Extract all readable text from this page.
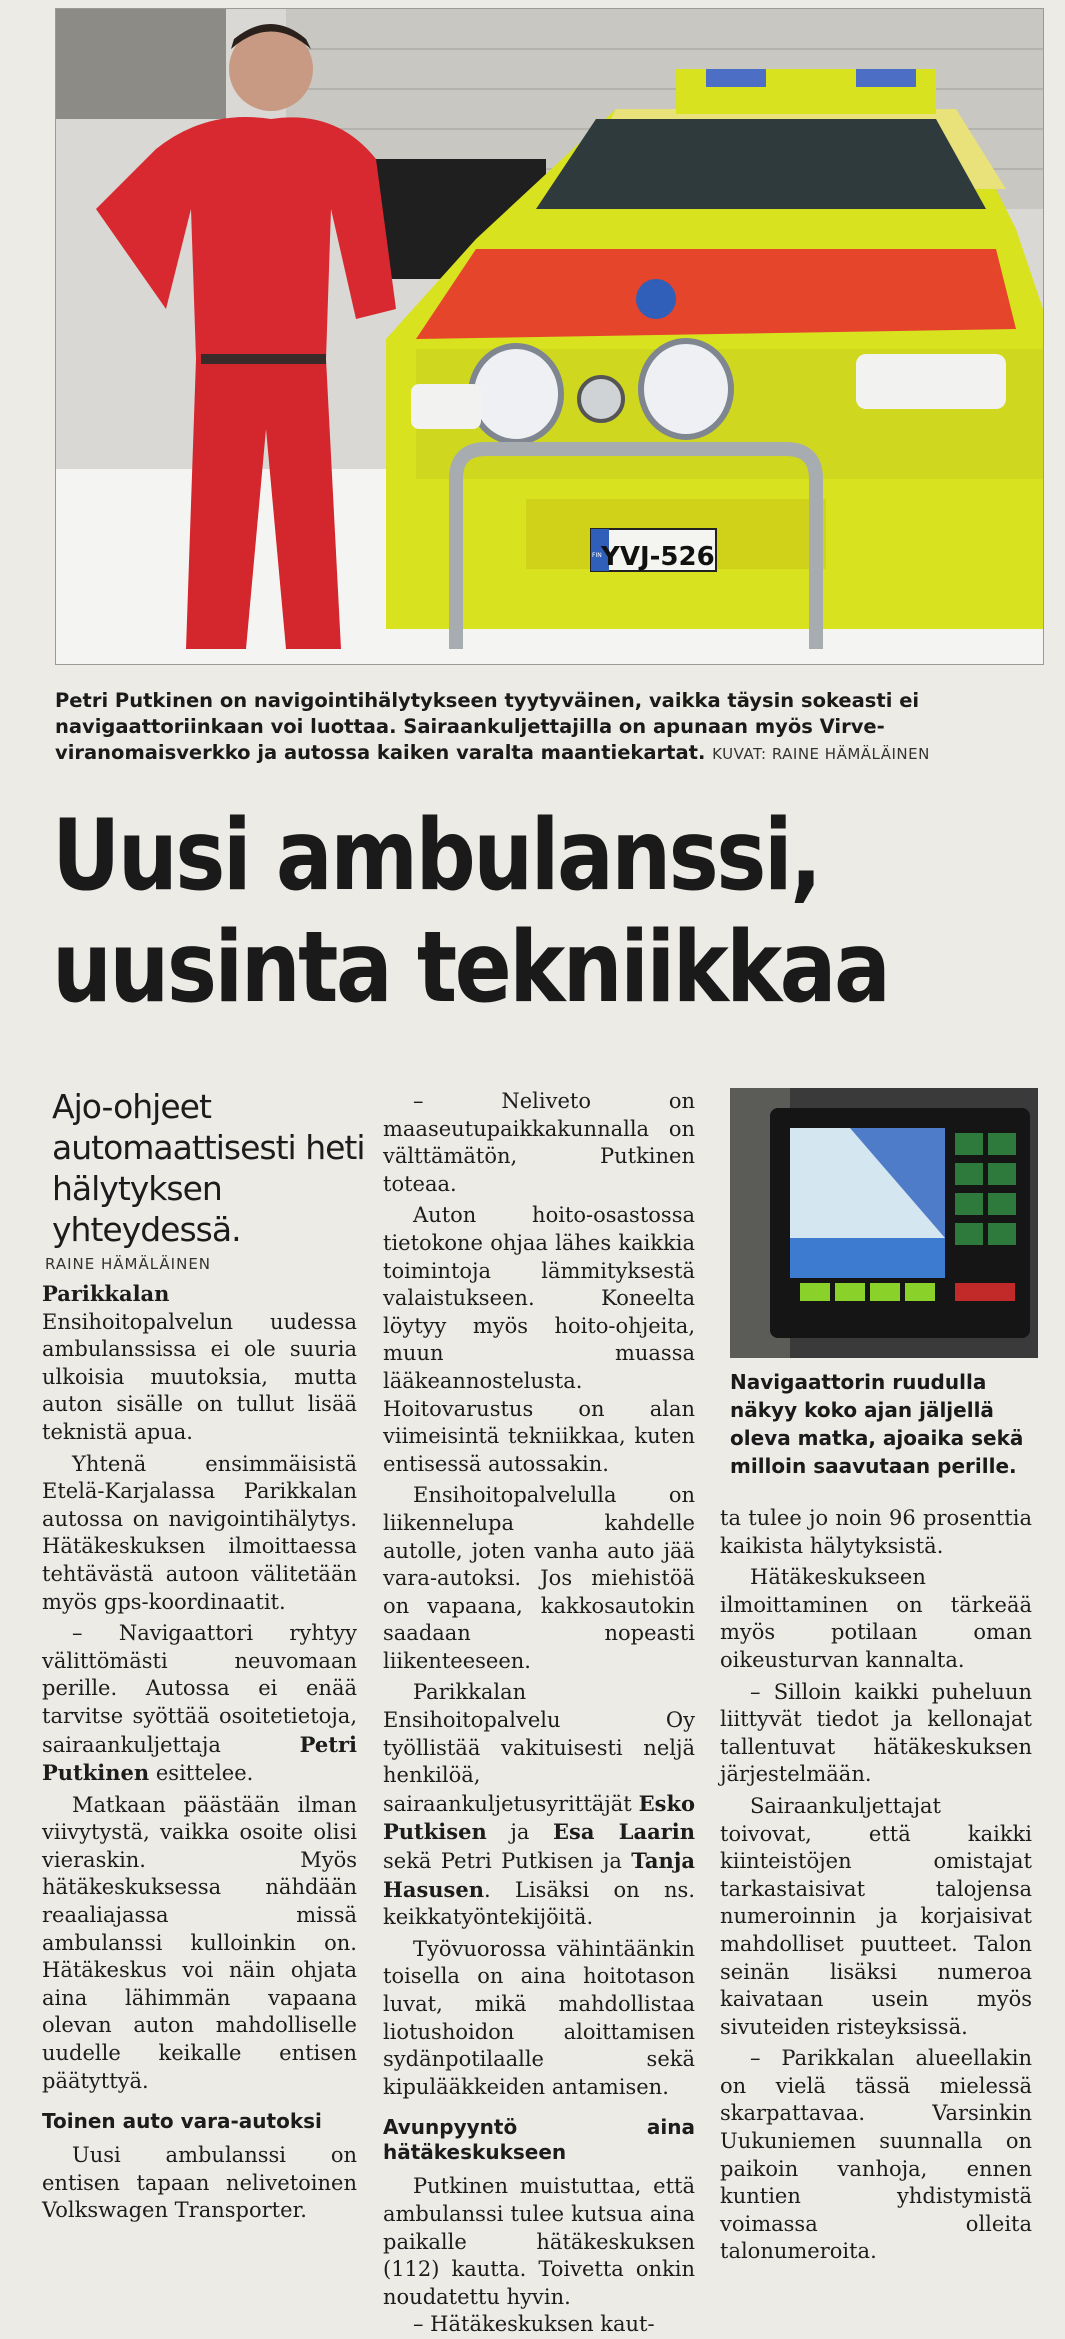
YVJ-526
FIN
Petri Putkinen on navigointihälytykseen tyytyväinen, vaikka täysin sokeasti ei navigaattoriinkaan voi luottaa. Sairaankuljettajilla on apunaan myös Virve-viranomaisverkko ja autossa kaiken varalta maantiekartat. KUVAT: RAINE HÄMÄLÄINEN
Uusi ambulanssi,
uusinta tekniikkaa
Ajo-ohjeet automaattisesti heti hälytyksen yhteydessä.
RAINE HÄMÄLÄINEN

Parikkalan Ensihoitopalvelun uudessa ambulanssissa ei ole suuria ulkoisia muutoksia, mutta auton sisälle on tullut lisää teknistä apua.

Yhtenä ensimmäisistä Etelä-Karjalassa Parikkalan autossa on navigointihälytys. Hätäkeskuksen ilmoittaessa tehtävästä autoon välitetään myös gps-koordinaatit.

– Navigaattori ryhtyy välittömästi neuvomaan perille. Autossa ei enää tarvitse syöttää osoitetietoja, sairaankuljettaja Petri Putkinen esittelee.

Matkaan päästään ilman viivytystä, vaikka osoite olisi vieraskin. Myös hätäkeskuksessa nähdään reaaliajassa missä ambulanssi kulloinkin on. Hätäkeskus voi näin ohjata aina lähimmän vapaana olevan auton mahdolliselle uudelle keikalle entisen päätyttyä.

Toinen auto vara-autoksi

Uusi ambulanssi on entisen tapaan nelivetoinen Volkswagen Transporter.

– Neliveto on maaseutupaikkakunnalla on välttämätön, Putkinen toteaa.

Auton hoito-osastossa tietokone ohjaa lähes kaikkia toimintoja lämmityksestä valaistukseen. Koneelta löytyy myös hoito-ohjeita, muun muassa lääkeannostelusta. Hoitovarustus on alan viimeisintä tekniikkaa, kuten entisessä autossakin.

Ensihoitopalvelulla on liikennelupa kahdelle autolle, joten vanha auto jää vara-autoksi. Jos miehistöä on vapaana, kakkosautokin saadaan nopeasti liikenteeseen.

Parikkalan Ensihoitopalvelu Oy työllistää vakituisesti neljä henkilöä, sairaankuljetusyrittäjät Esko Putkisen ja Esa Laarin sekä Petri Putkisen ja Tanja Hasusen. Lisäksi on ns. keikkatyöntekijöitä.

Työvuorossa vähintäänkin toisella on aina hoitotason luvat, mikä mahdollistaa liotushoidon aloittamisen sydänpotilaalle sekä kipulääkkeiden antamisen.

Avunpyyntö aina hätäkeskukseen

Putkinen muistuttaa, että ambulanssi tulee kutsua aina paikalle hätäkeskuksen (112) kautta. Toivetta onkin noudatettu hyvin.

– Hätäkeskuksen kaut-

Navigaattorin ruudulla näkyy koko ajan jäljellä oleva matka, ajoaika sekä milloin saavutaan perille.

ta tulee jo noin 96 prosenttia kaikista hälytyksistä.

Hätäkeskukseen ilmoittaminen on tärkeää myös potilaan oman oikeusturvan kannalta.

– Silloin kaikki puheluun liittyvät tiedot ja kellonajat tallentuvat hätäkeskuksen järjestelmään.

Sairaankuljettajat toivovat, että kaikki kiinteistöjen omistajat tarkastaisivat talojensa numeroinnin ja korjaisivat mahdolliset puutteet. Talon seinän lisäksi numeroa kaivataan usein myös sivuteiden risteyksissä.

– Parikkalan alueellakin on vielä tässä mielessä skarpattavaa. Varsinkin Uukuniemen suunnalla on paikoin vanhoja, ennen kuntien yhdistymistä voimassa olleita talonumeroita.
